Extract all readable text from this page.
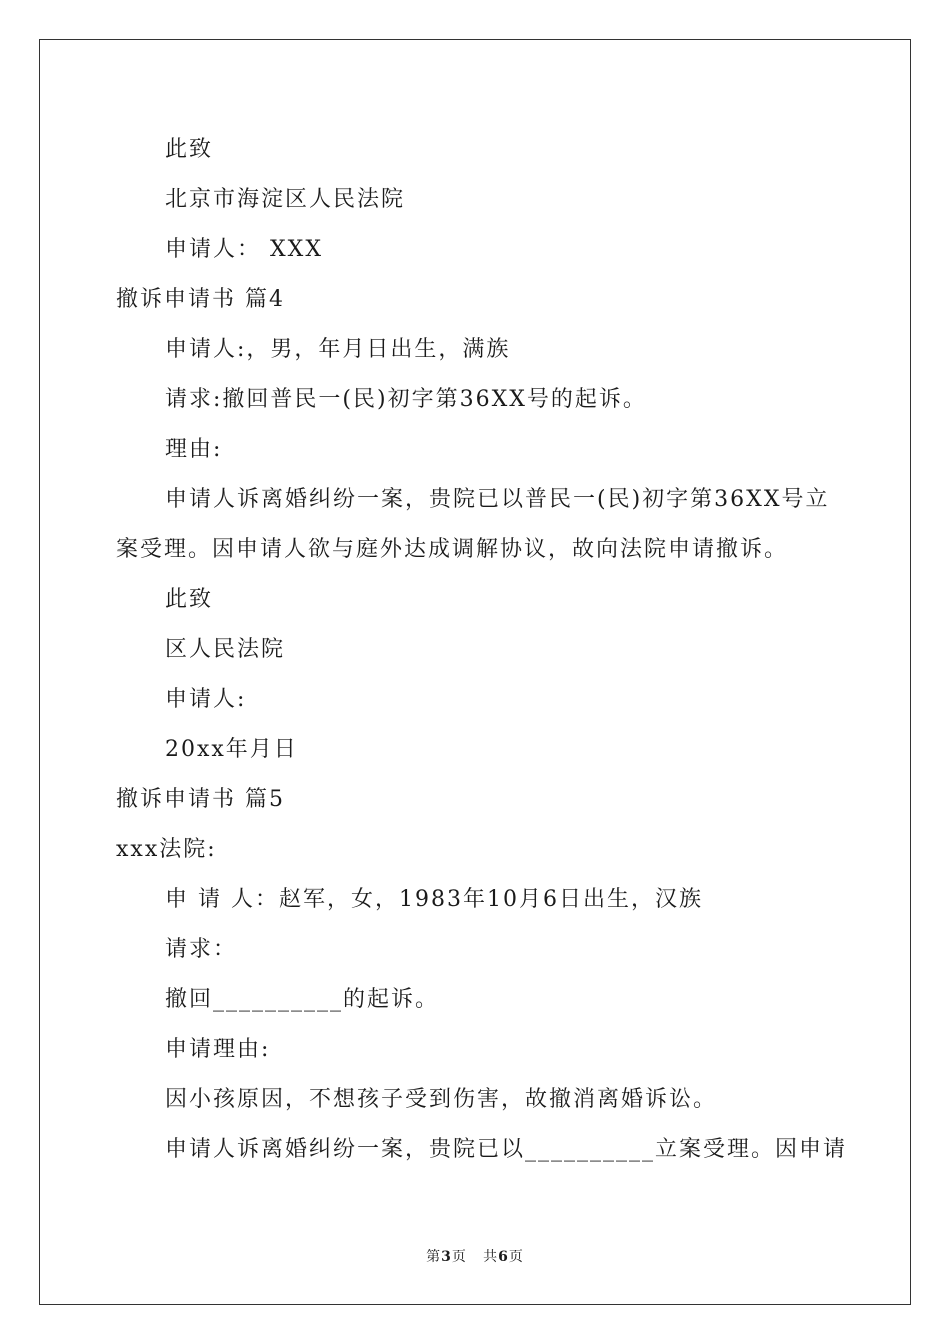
此致
北京市海淀区人民法院
申请人： XXX
撤诉申请书 篇4
申请人:，男，年月日出生，满族
请求:撤回普民一(民)初字第36XX号的起诉。
理由:
申请人诉离婚纠纷一案，贵院已以普民一(民)初字第36XX号立
案受理。因申请人欲与庭外达成调解协议，故向法院申请撤诉。
此致
区人民法院
申请人:
20xx年月日
撤诉申请书 篇5
xxx法院:
申 请 人：赵军，女，1983年10月6日出生，汉族
请求：
撤回__________的起诉。
申请理由:
因小孩原因，不想孩子受到伤害，故撤消离婚诉讼。
申请人诉离婚纠纷一案，贵院已以__________立案受理。因申请
第3页   共6页
